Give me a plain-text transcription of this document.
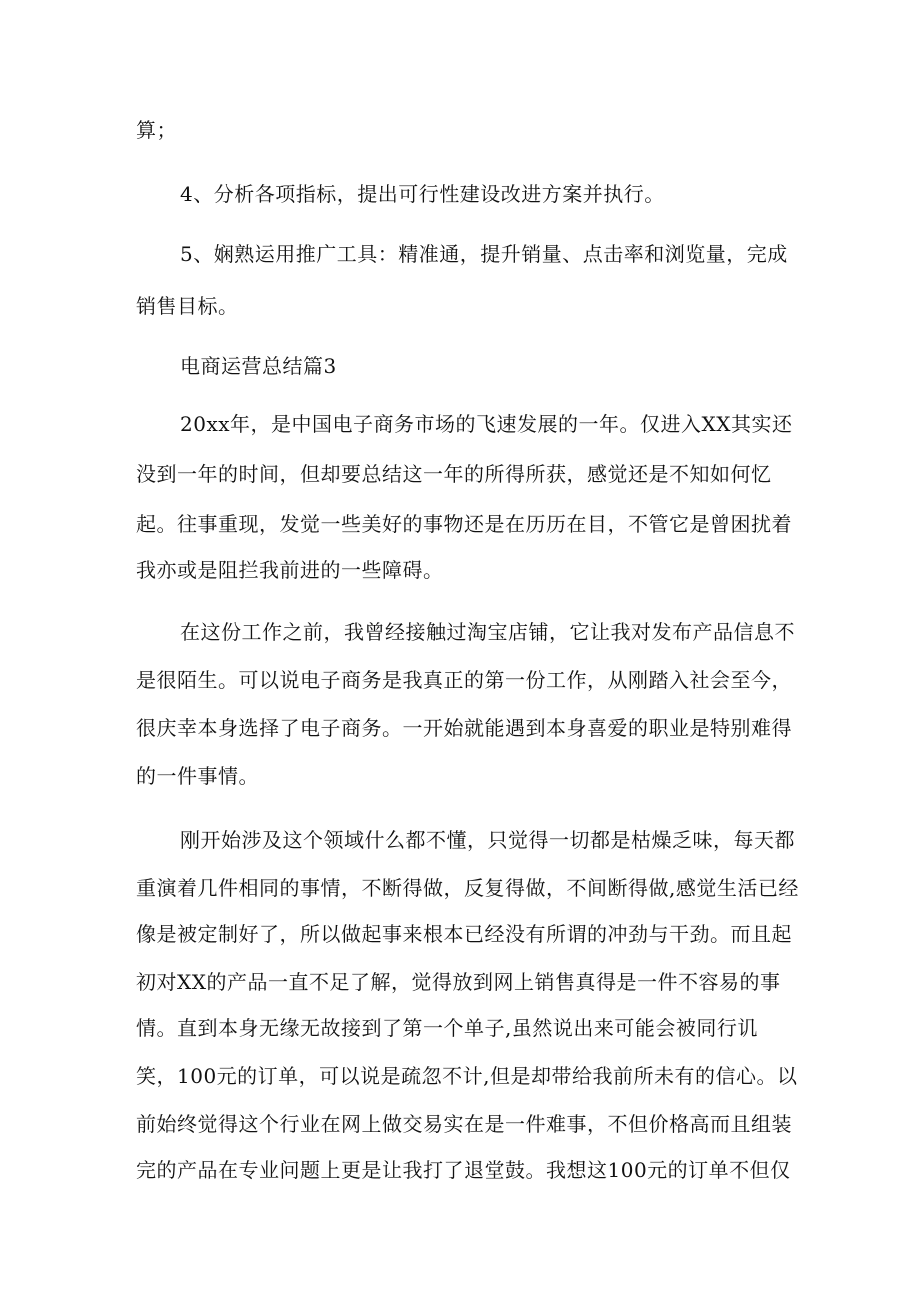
算；
4、分析各项指标，提出可行性建设改进方案并执行。
5、娴熟运用推广工具：精准通，提升销量、点击率和浏览量，完成
销售目标。
电商运营总结篇3
20xx年，是中国电子商务市场的飞速发展的一年。仅进入XX其实还
没到一年的时间，但却要总结这一年的所得所获，感觉还是不知如何忆
起。往事重现，发觉一些美好的事物还是在历历在目，不管它是曾困扰着
我亦或是阻拦我前进的一些障碍。
在这份工作之前，我曾经接触过淘宝店铺，它让我对发布产品信息不
是很陌生。可以说电子商务是我真正的第一份工作，从刚踏入社会至今，
很庆幸本身选择了电子商务。一开始就能遇到本身喜爱的职业是特别难得
的一件事情。
刚开始涉及这个领域什么都不懂，只觉得一切都是枯燥乏味，每天都
重演着几件相同的事情，不断得做，反复得做，不间断得做,感觉生活已经
像是被定制好了，所以做起事来根本已经没有所谓的冲劲与干劲。而且起
初对XX的产品一直不足了解，觉得放到网上销售真得是一件不容易的事
情。直到本身无缘无故接到了第一个单子,虽然说出来可能会被同行讥
笑，100元的订单，可以说是疏忽不计,但是却带给我前所未有的信心。以
前始终觉得这个行业在网上做交易实在是一件难事，不但价格高而且组装
完的产品在专业问题上更是让我打了退堂鼓。我想这100元的订单不但仅
